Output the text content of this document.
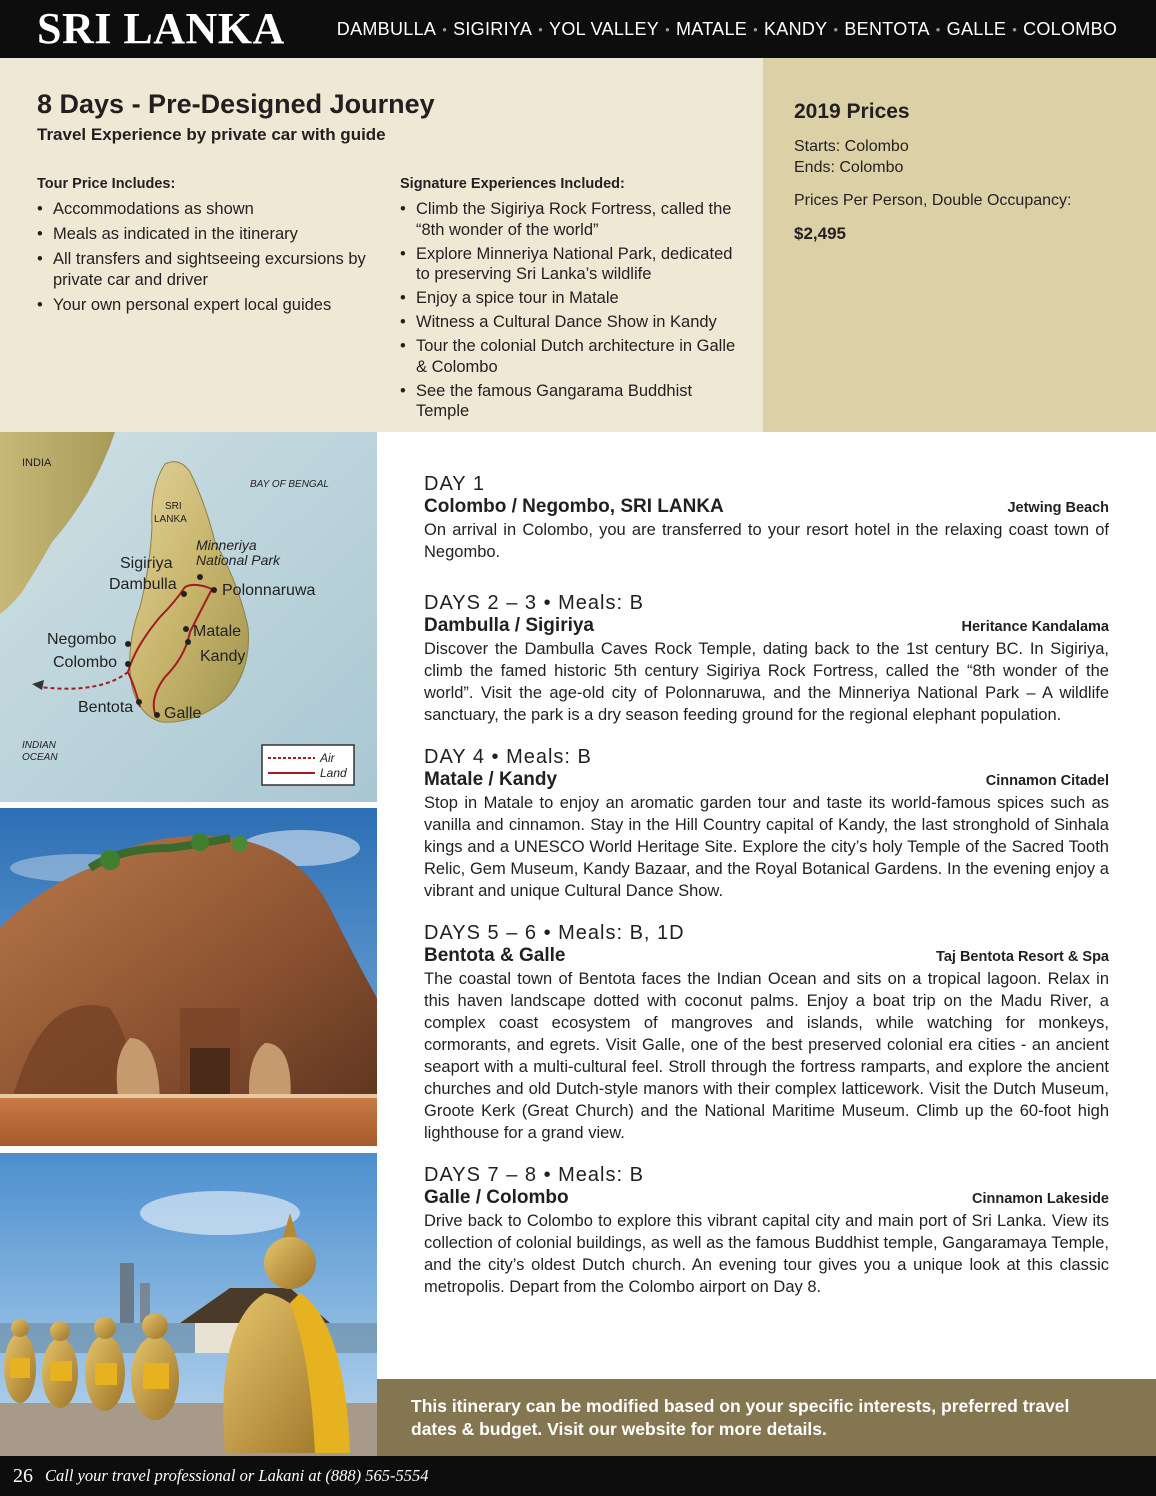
SRI LANKA	DAMBULLA • SIGIRIYA • YOL VALLEY • MATALE • KANDY • BENTOTA • GALLE • COLOMBO
8 Days - Pre-Designed Journey
Travel Experience by private car with guide
Tour Price Includes:
• Accommodations as shown
• Meals as indicated in the itinerary
• All transfers and sightseeing excursions by private car and driver
• Your own personal expert local guides
Signature Experiences Included:
• Climb the Sigiriya Rock Fortress, called the “8th wonder of the world”
• Explore Minneriya National Park, dedicated to preserving Sri Lanka’s wildlife
• Enjoy a spice tour in Matale
• Witness a Cultural Dance Show in Kandy
• Tour the colonial Dutch architecture in Galle & Colombo
• See the famous Gangarama Buddhist Temple
2019 Prices
Starts: Colombo
Ends: Colombo
Prices Per Person, Double Occupancy:
$2,495
INDIA
BAY OF BENGAL
SRI
LANKA
Minneriya
National Park
Sigiriya
Dambulla	Polonnaruwa
Matale
Kandy
Negombo
Colombo
Bentota Galle
INDIAN
OCEAN	Air
Land
DAY 1
Colombo / Negombo, SRI LANKA	Jetwing Beach

On arrival in Colombo, you are transferred to your resort hotel in the relaxing coast town of Negombo.

DAYS 2 – 3 • Meals: B
Dambulla / Sigiriya	Heritance Kandalama

Discover the Dambulla Caves Rock Temple, dating back to the 1st century BC. In Sigiriya, climb the famed historic 5th century Sigiriya Rock Fortress, called the “8th wonder of the world”. Visit the age-old city of Polonnaruwa, and the Minneriya National Park – A wildlife sanctuary, the park is a dry season feeding ground for the regional elephant population.

DAY 4 • Meals: B
Matale / Kandy	Cinnamon Citadel

Stop in Matale to enjoy an aromatic garden tour and taste its world-famous spices such as vanilla and cinnamon. Stay in the Hill Country capital of Kandy, the last stronghold of Sinhala kings and a UNESCO World Heritage Site. Explore the city’s holy Temple of the Sacred Tooth Relic, Gem Museum, Kandy Bazaar, and the Royal Botanical Gardens. In the evening enjoy a vibrant and unique Cultural Dance Show.

DAYS 5 – 6 • Meals: B, 1D
Bentota & Galle	Taj Bentota Resort & Spa

The coastal town of Bentota faces the Indian Ocean and sits on a tropical lagoon. Relax in this haven landscape dotted with coconut palms. Enjoy a boat trip on the Madu River, a complex coast ecosystem of mangroves and islands, while watching for monkeys, cormorants, and egrets. Visit Galle, one of the best preserved colonial era cities - an ancient seaport with a multi-cultural feel. Stroll through the fortress ramparts, and explore the ancient churches and old Dutch-style manors with their complex latticework. Visit the Dutch Museum, Groote Kerk (Great Church) and the National Maritime Museum. Climb up the 60-foot high lighthouse for a grand view.

DAYS 7 – 8 • Meals: B
Galle / Colombo	Cinnamon Lakeside

Drive back to Colombo to explore this vibrant capital city and main port of Sri Lanka. View its collection of colonial buildings, as well as the famous Buddhist temple, Gangaramaya Temple, and the city’s oldest Dutch church. An evening tour gives you a unique look at this classic metropolis. Depart from the Colombo airport on Day 8.

This itinerary can be modified based on your specific interests, preferred travel dates & budget. Visit our website for more details.

26 Call your travel professional or Lakani at (888) 565-5554
